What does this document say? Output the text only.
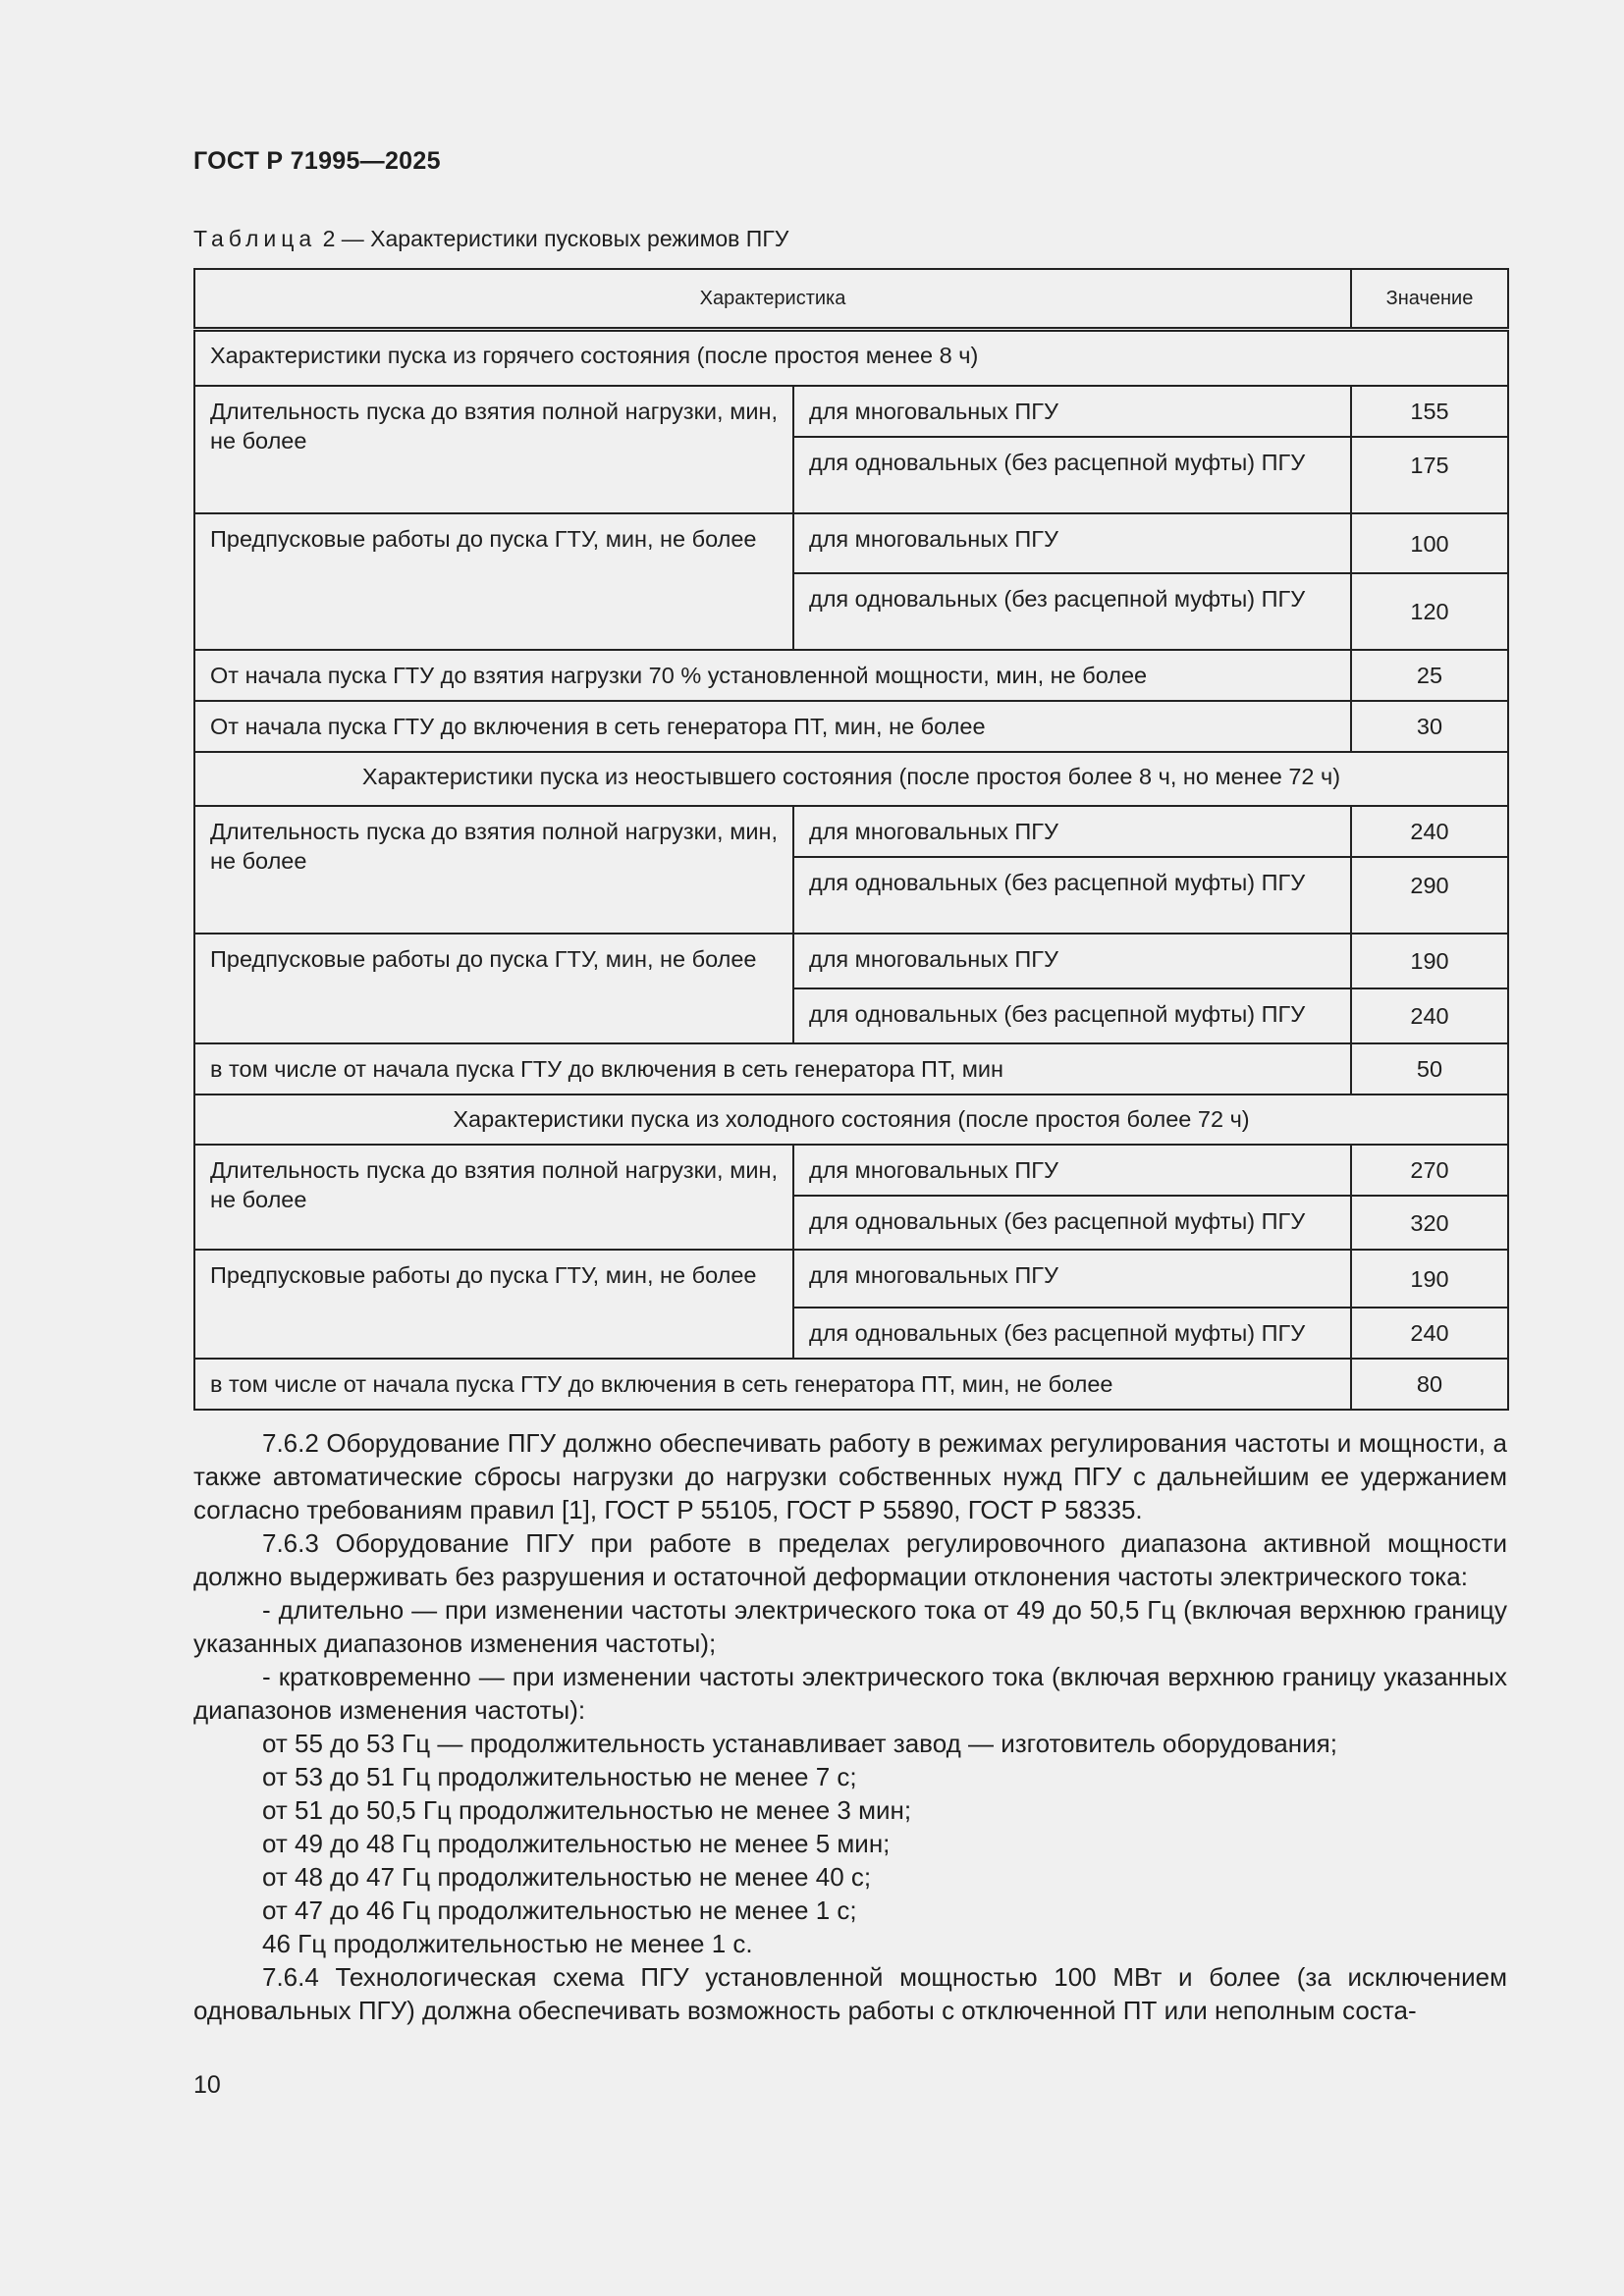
ГОСТ Р 71995—2025
Таблица 2 — Характеристики пусковых режимов ПГУ
Характеристика		Значение
Характеристики пуска из горячего состояния (после простоя менее 8 ч)		
Длительность пуска до взятия полной нагрузки, мин, не более	для многовальных ПГУ	155
	для одновальных (без расцепной муфты) ПГУ	175
Предпусковые работы до пуска ГТУ, мин, не более	для многовальных ПГУ	100
	для одновальных (без расцепной муфты) ПГУ	120
От начала пуска ГТУ до взятия нагрузки 70 % установленной мощности, мин, не более		25
От начала пуска ГТУ до включения в сеть генератора ПТ, мин, не более		30
Характеристики пуска из неостывшего состояния (после простоя более 8 ч, но менее 72 ч)		
Длительность пуска до взятия полной нагрузки, мин, не более	для многовальных ПГУ	240
	для одновальных (без расцепной муфты) ПГУ	290
Предпусковые работы до пуска ГТУ, мин, не более	для многовальных ПГУ	190
	для одновальных (без расцепной муфты) ПГУ	240
в том числе от начала пуска ГТУ до включения в сеть генератора ПТ, мин		50
Характеристики пуска из холодного состояния (после простоя более 72 ч)		
Длительность пуска до взятия полной нагрузки, мин, не более	для многовальных ПГУ	270
	для одновальных (без расцепной муфты) ПГУ	320
Предпусковые работы до пуска ГТУ, мин, не более	для многовальных ПГУ	190
	для одновальных (без расцепной муфты) ПГУ	240
в том числе от начала пуска ГТУ до включения в сеть генератора ПТ, мин, не более		80

7.6.2 Оборудование ПГУ должно обеспечивать работу в режимах регулирования частоты и мощности, а также автоматические сбросы нагрузки до нагрузки собственных нужд ПГУ с дальнейшим ее удержанием согласно требованиям правил [1], ГОСТ Р 55105, ГОСТ Р 55890, ГОСТ Р 58335.

7.6.3 Оборудование ПГУ при работе в пределах регулировочного диапазона активной мощности должно выдерживать без разрушения и остаточной деформации отклонения частоты электрического тока:

- длительно — при изменении частоты электрического тока от 49 до 50,5 Гц (включая верхнюю границу указанных диапазонов изменения частоты);

- кратковременно — при изменении частоты электрического тока (включая верхнюю границу указанных диапазонов изменения частоты):

от 55 до 53 Гц — продолжительность устанавливает завод — изготовитель оборудования;

от 53 до 51 Гц продолжительностью не менее 7 с;

от 51 до 50,5 Гц продолжительностью не менее 3 мин;

от 49 до 48 Гц продолжительностью не менее 5 мин;

от 48 до 47 Гц продолжительностью не менее 40 с;

от 47 до 46 Гц продолжительностью не менее 1 с;

46 Гц продолжительностью не менее 1 с.

7.6.4 Технологическая схема ПГУ установленной мощностью 100 МВт и более (за исключением одновальных ПГУ) должна обеспечивать возможность работы с отключенной ПТ или неполным соста-

10
